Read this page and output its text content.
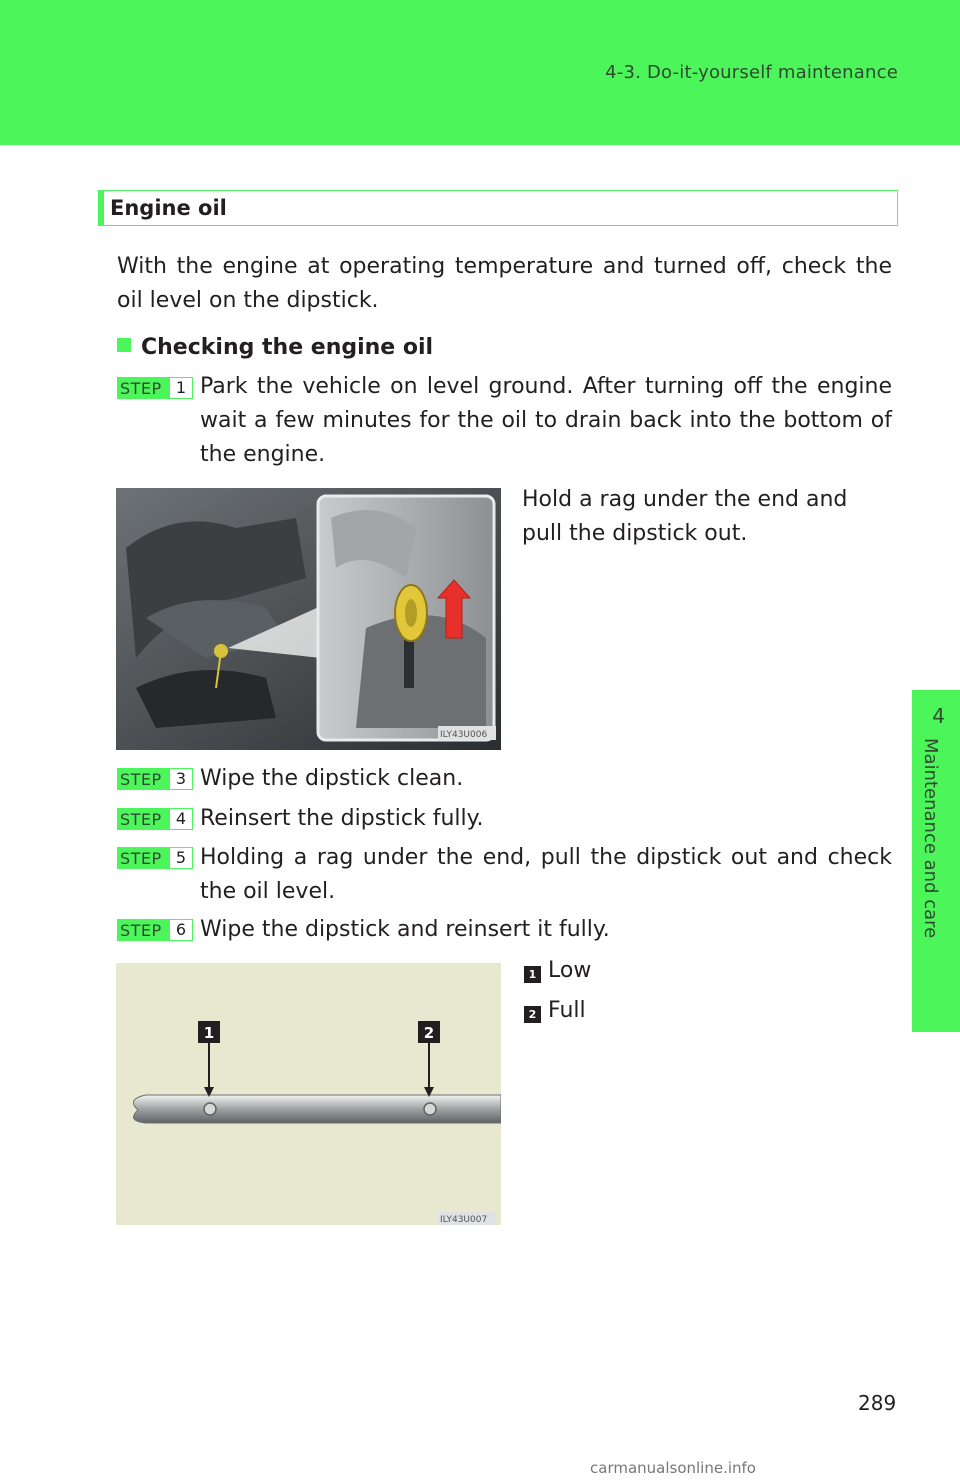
4-3. Do-it-yourself maintenance
4
Maintenance and care
Engine oil
With the engine at operating temperature and turned off, check the oil level on the dipstick.
Checking the engine oil
STEP 1 Park the vehicle on level ground. After turning off the engine wait a few minutes for the oil to drain back into the bottom of the engine.
ILY43U006
Hold a rag under the end and pull the dipstick out.
STEP 3 Wipe the dipstick clean.
STEP 4 Reinsert the dipstick fully.
STEP 5 Holding a rag under the end, pull the dipstick out and check the oil level.
STEP 6 Wipe the dipstick and reinsert it fully.
1	2
ILY43U007
1 Low
2 Full
289
carmanualsonline.info
